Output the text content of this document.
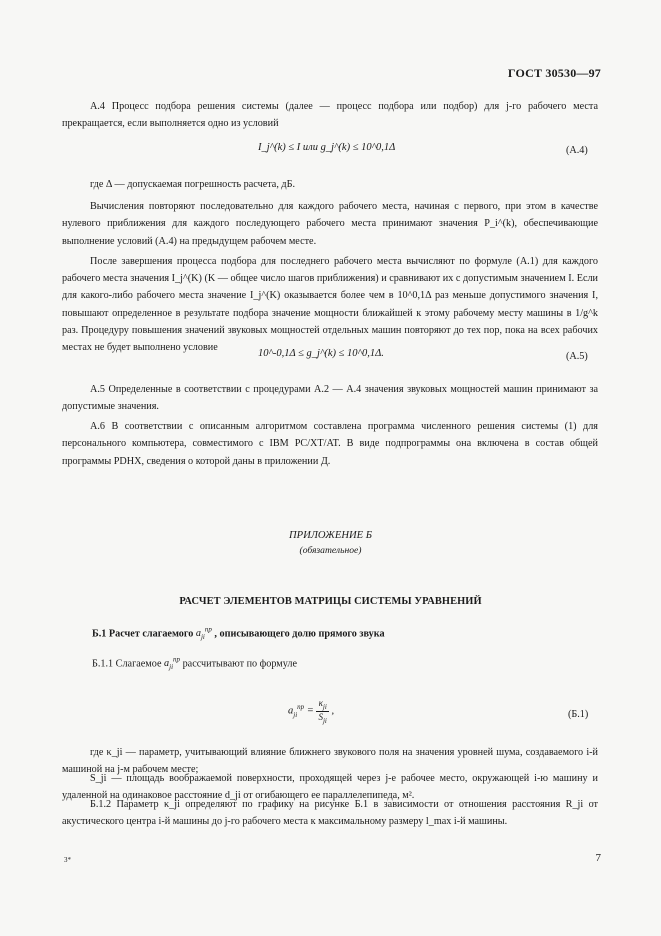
ГОСТ 30530—97
А.4 Процесс подбора решения системы (далее — процесс подбора или подбор) для j-го рабочего места прекращается, если выполняется одно из условий
I_j^(k) ≤ I или g_j^(k) ≤ 10^0,1Δ	(А.4)
где Δ — допускаемая погрешность расчета, дБ.
Вычисления повторяют последовательно для каждого рабочего места, начиная с первого, при этом в качестве нулевого приближения для каждого последующего рабочего места принимают значения P_i^(k), обеспечивающие выполнение условий (А.4) на предыдущем рабочем месте.
После завершения процесса подбора для последнего рабочего места вычисляют по формуле (А.1) для каждого рабочего места значения I_j^(K) (K — общее число шагов приближения) и сравнивают их с допустимым значением I. Если для какого-либо рабочего места значение I_j^(K) оказывается более чем в 10^0,1Δ раз меньше допустимого значения I, повышают определенное в результате подбора значение мощности ближайшей к этому рабочему месту машины в 1/g^k раз. Процедуру повышения значений звуковых мощностей отдельных машин повторяют до тех пор, пока на всех рабочих местах не будет выполнено условие
10^-0,1Δ ≤ g_j^(k) ≤ 10^0,1Δ.	(А.5)
А.5 Определенные в соответствии с процедурами А.2 — А.4 значения звуковых мощностей машин принимают за допустимые значения.
А.6 В соответствии с описанным алгоритмом составлена программа численного решения системы (1) для персонального компьютера, совместимого с IBM PC/XT/AT. В виде подпрограммы она включена в состав общей программы PDHX, сведения о которой даны в приложении Д.
ПРИЛОЖЕНИЕ Б
(обязательное)
РАСЧЕТ ЭЛЕМЕНТОВ МАТРИЦЫ СИСТЕМЫ УРАВНЕНИЙ
Б.1 Расчет слагаемого $a_{ji}^{пр}$ , описывающего долю прямого звука
Б.1.1 Слагаемое $a_{ji}^{пр}$ рассчитывают по формуле
$a_{ji}^{пр} = \frac{\kappa_{ji}}{S_{ji}}$ ,	(Б.1)
где κ_ji — параметр, учитывающий влияние ближнего звукового поля на значения уровней шума, создаваемого i-й машиной на j-м рабочем месте;
S_ji — площадь воображаемой поверхности, проходящей через j-е рабочее место, окружающей i-ю машину и удаленной на одинаковое расстояние d_ji от огибающего ее параллелепипеда, м².
Б.1.2 Параметр κ_ji определяют по графику на рисунке Б.1 в зависимости от отношения расстояния R_ji от акустического центра i-й машины до j-го рабочего места к максимальному размеру l_max i-й машины.
3*	7
